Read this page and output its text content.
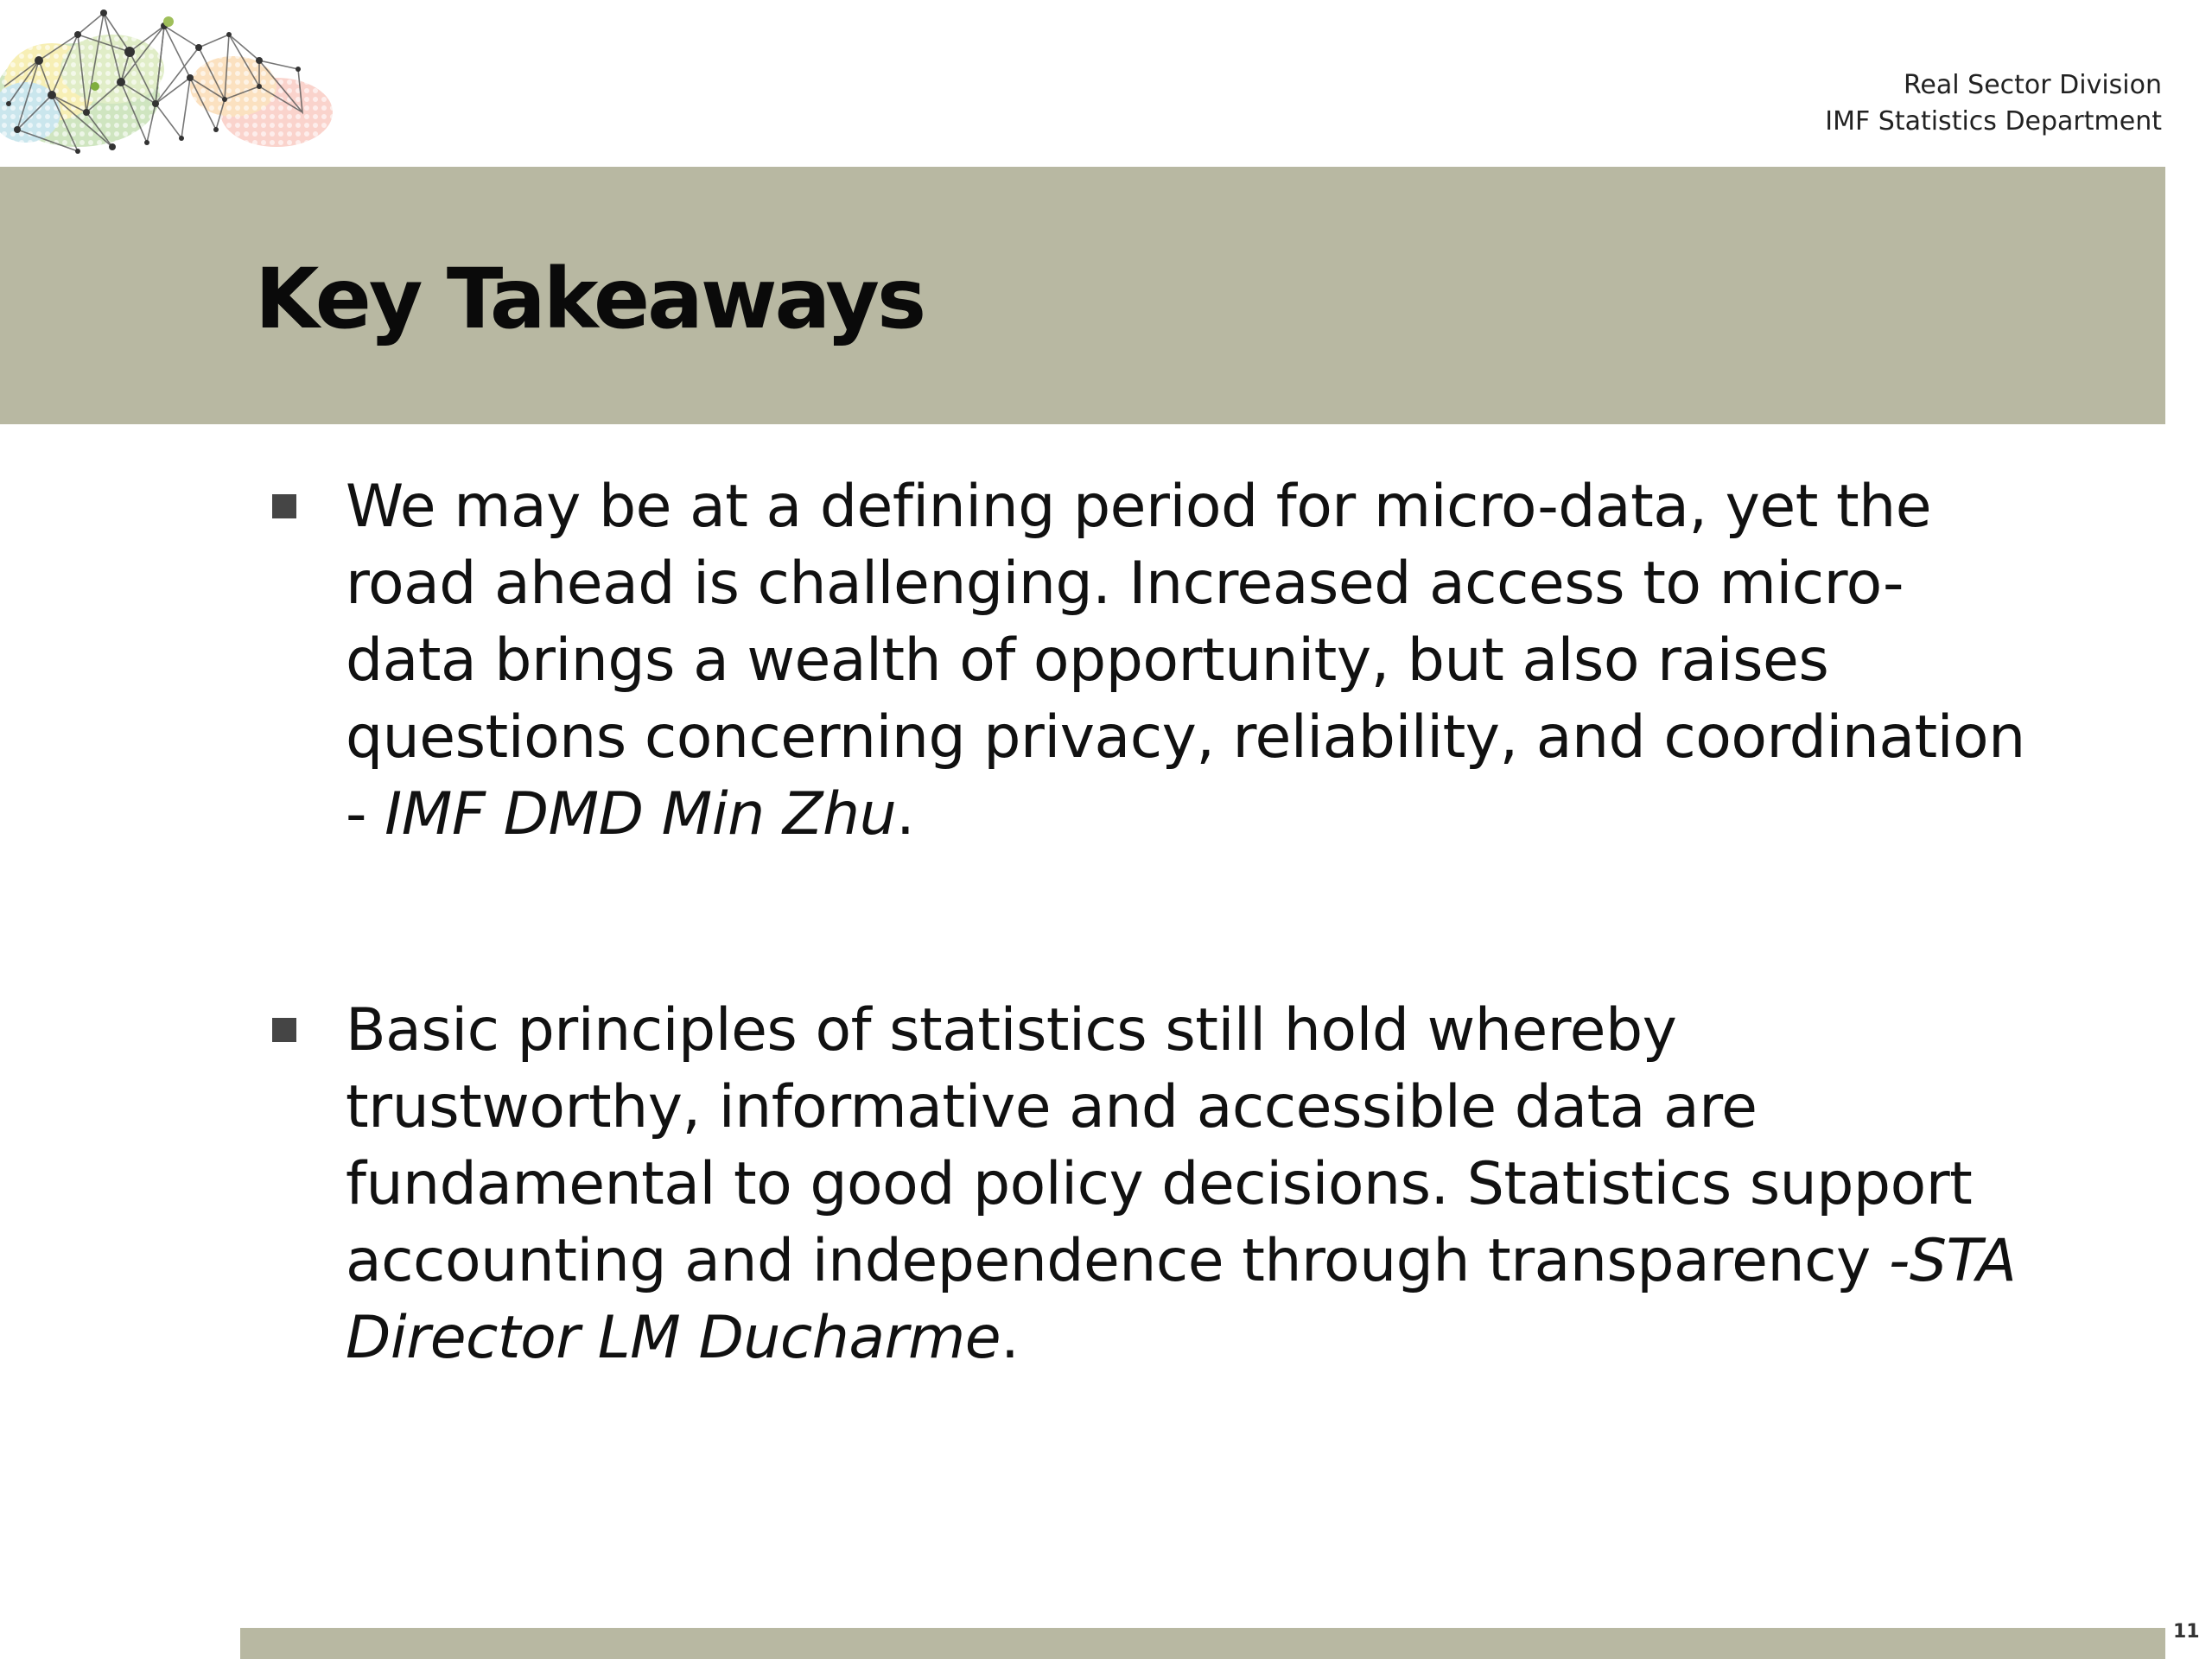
Real Sector Division
IMF Statistics Department
Key Takeaways
We may be at a defining period for micro-data, yet the
road ahead is challenging. Increased access to micro-
data brings a wealth of opportunity, but also raises
questions concerning privacy, reliability, and coordination
- IMF DMD Min Zhu.
Basic principles of statistics still hold whereby
trustworthy, informative and accessible data are
fundamental to good policy decisions. Statistics support
accounting and independence through transparency -STA
Director LM Ducharme.
11
